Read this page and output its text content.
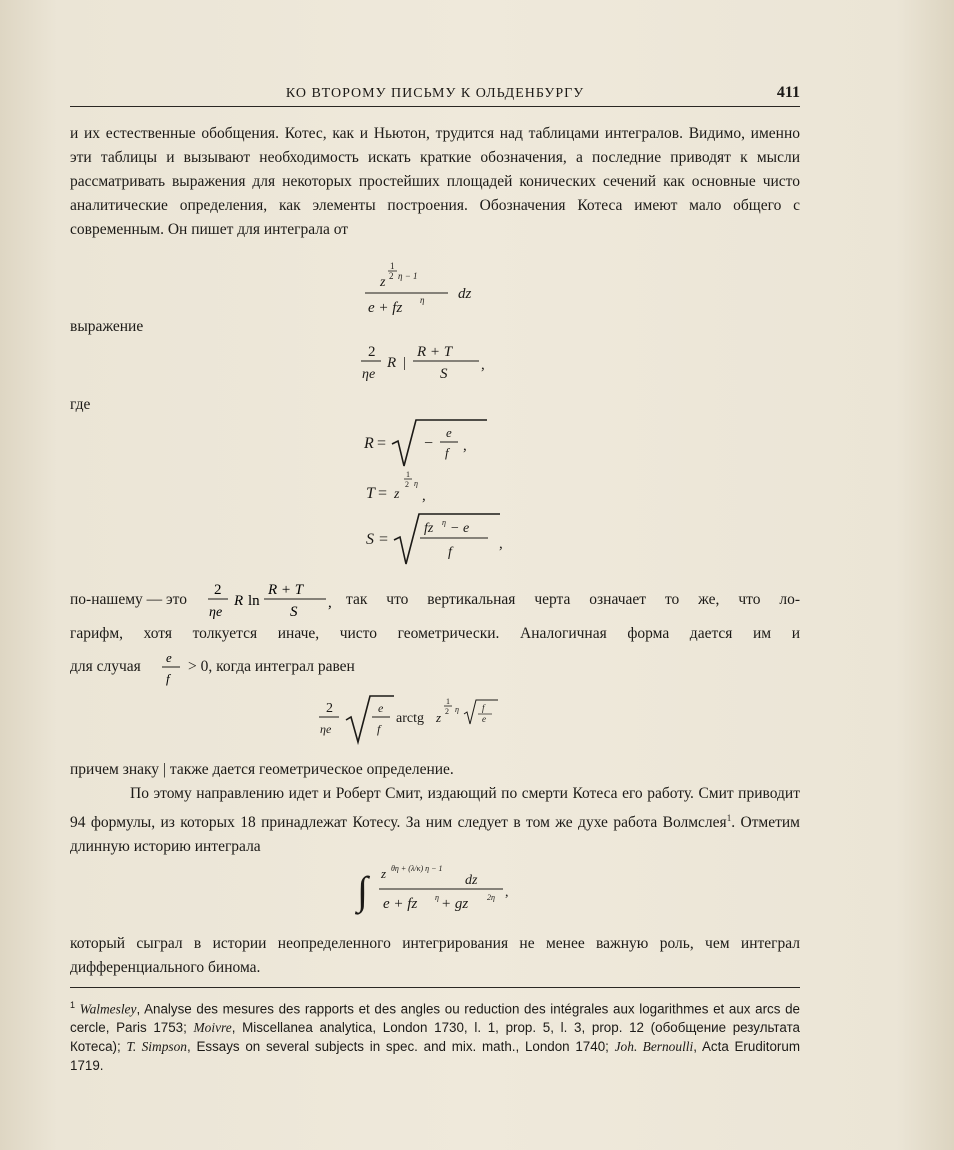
КО ВТОРОМУ ПИСЬМУ К ОЛЬДЕНБУРГУ	411
и их естественные обобщения. Котес, как и Ньютон, трудится над таблицами интегралов. Видимо, именно эти таблицы и вызывают необходимость искать краткие обозначения, а последние приводят к мысли рассматривать выражения для некоторых простейших площадей конических сечений как основные чисто аналитические определения, как элементы построения. Обозначения Котеса имеют мало общего с современным. Он пишет для интеграла от
1
z 2 η − 1
e + fz η dz
выражение
2
ηe
R |
R + T
S
,
где
R = −
e
f ,
T = z
1
2 η
,
S =
fz η − e
f
,
по-нашему — это
2
ηe
R ln
R + T
S
, так что вертикальная черта означает то же, что ло-
гарифм, хотя толкуется иначе, чисто геометрически. Аналогичная форма дается им и
для случая
e
f
> 0, когда интеграл равен
2
ηe
e
f
arctg z
1
2 η	f
e
причем знаку | также дается геометрическое определение.
По этому направлению идет и Роберт Смит, издающий по смерти Котеса его работу. Смит приводит 94 формулы, из которых 18 принадлежат Котесу. За ним следует в том же духе работа Волмслея$^1$. Отметим длинную историю интеграла
∫ z θη + (λ/κ) η − 1
dz
e + fz η + gz 2η ,
который сыграл в истории неопределенного интегрирования не менее важную роль, чем интеграл дифференциального бинома.
$^1$ Walmesley, Analyse des mesures des rapports et des angles ou reduction des intégrales aux logarithmes et aux arcs de cercle, Paris 1753; Moivre, Miscellanea analytica, London 1730, l. 1, prop. 5, l. 3, prop. 12 (обобщение результата Котеса); T. Simpson, Essays on several subjects in spec. and mix. math., London 1740; Joh. Bernoulli, Acta Eruditorum 1719.
